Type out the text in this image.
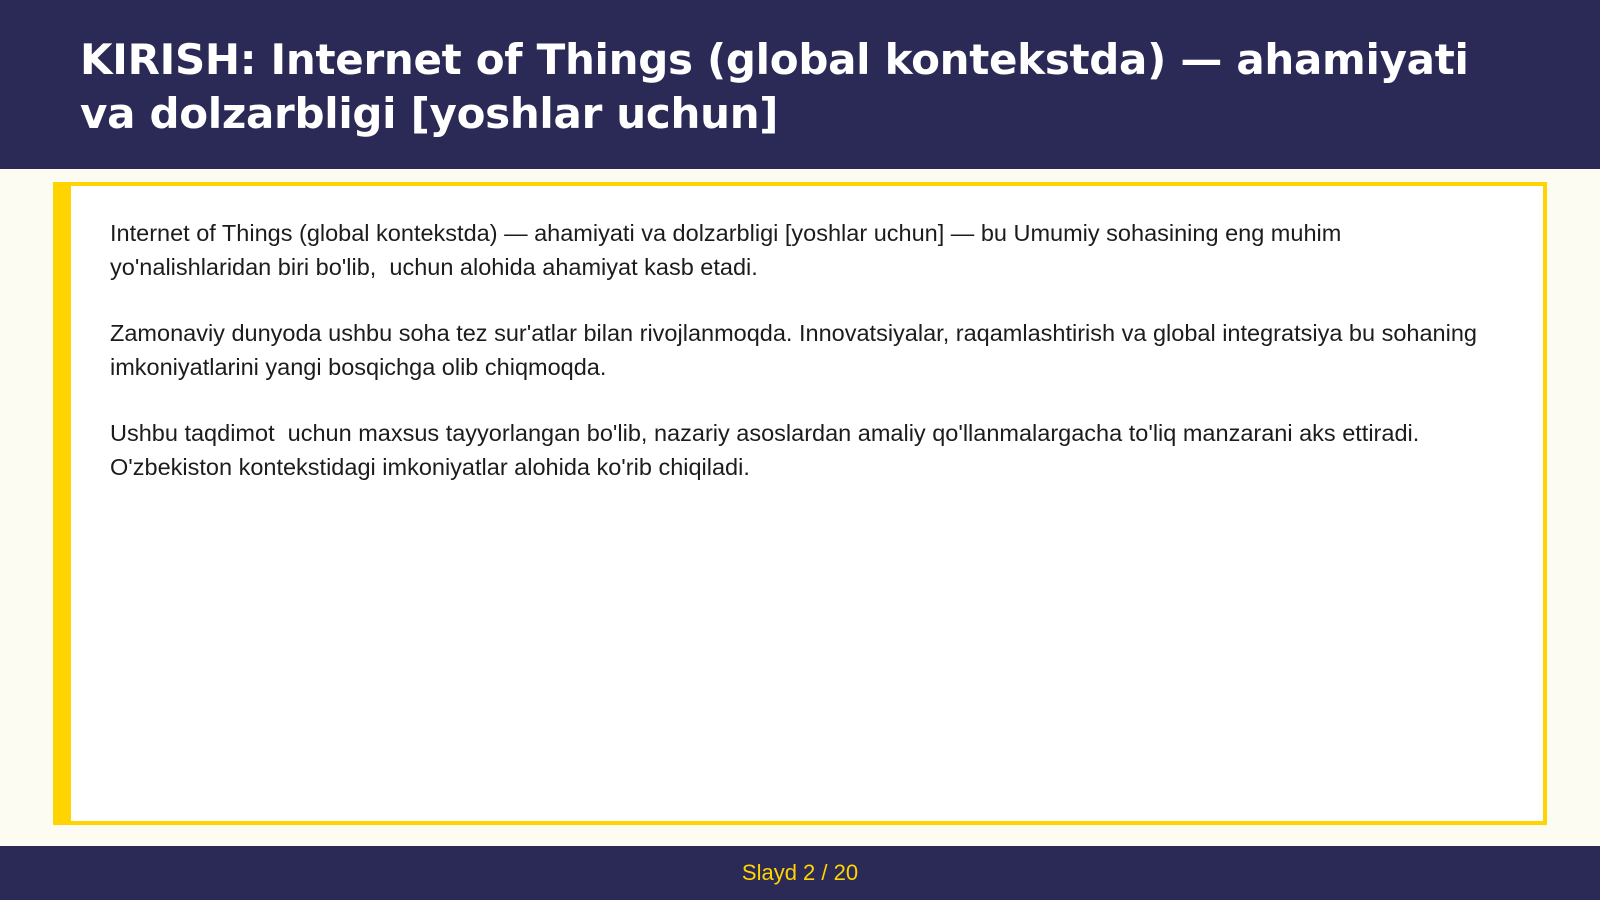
KIRISH: Internet of Things (global kontekstda) — ahamiyati va dolzarbligi [yoshlar uchun]

Internet of Things (global kontekstda) — ahamiyati va dolzarbligi [yoshlar uchun] — bu Umumiy sohasining eng muhim yo'nalishlaridan biri bo'lib,  uchun alohida ahamiyat kasb etadi.

Zamonaviy dunyoda ushbu soha tez sur'atlar bilan rivojlanmoqda. Innovatsiyalar, raqamlashtirish va global integratsiya bu sohaning imkoniyatlarini yangi bosqichga olib chiqmoqda.

Ushbu taqdimot  uchun maxsus tayyorlangan bo'lib, nazariy asoslardan amaliy qo'llanmalargacha to'liq manzarani aks ettiradi. O'zbekiston kontekstidagi imkoniyatlar alohida ko'rib chiqiladi.

Slayd 2 / 20
